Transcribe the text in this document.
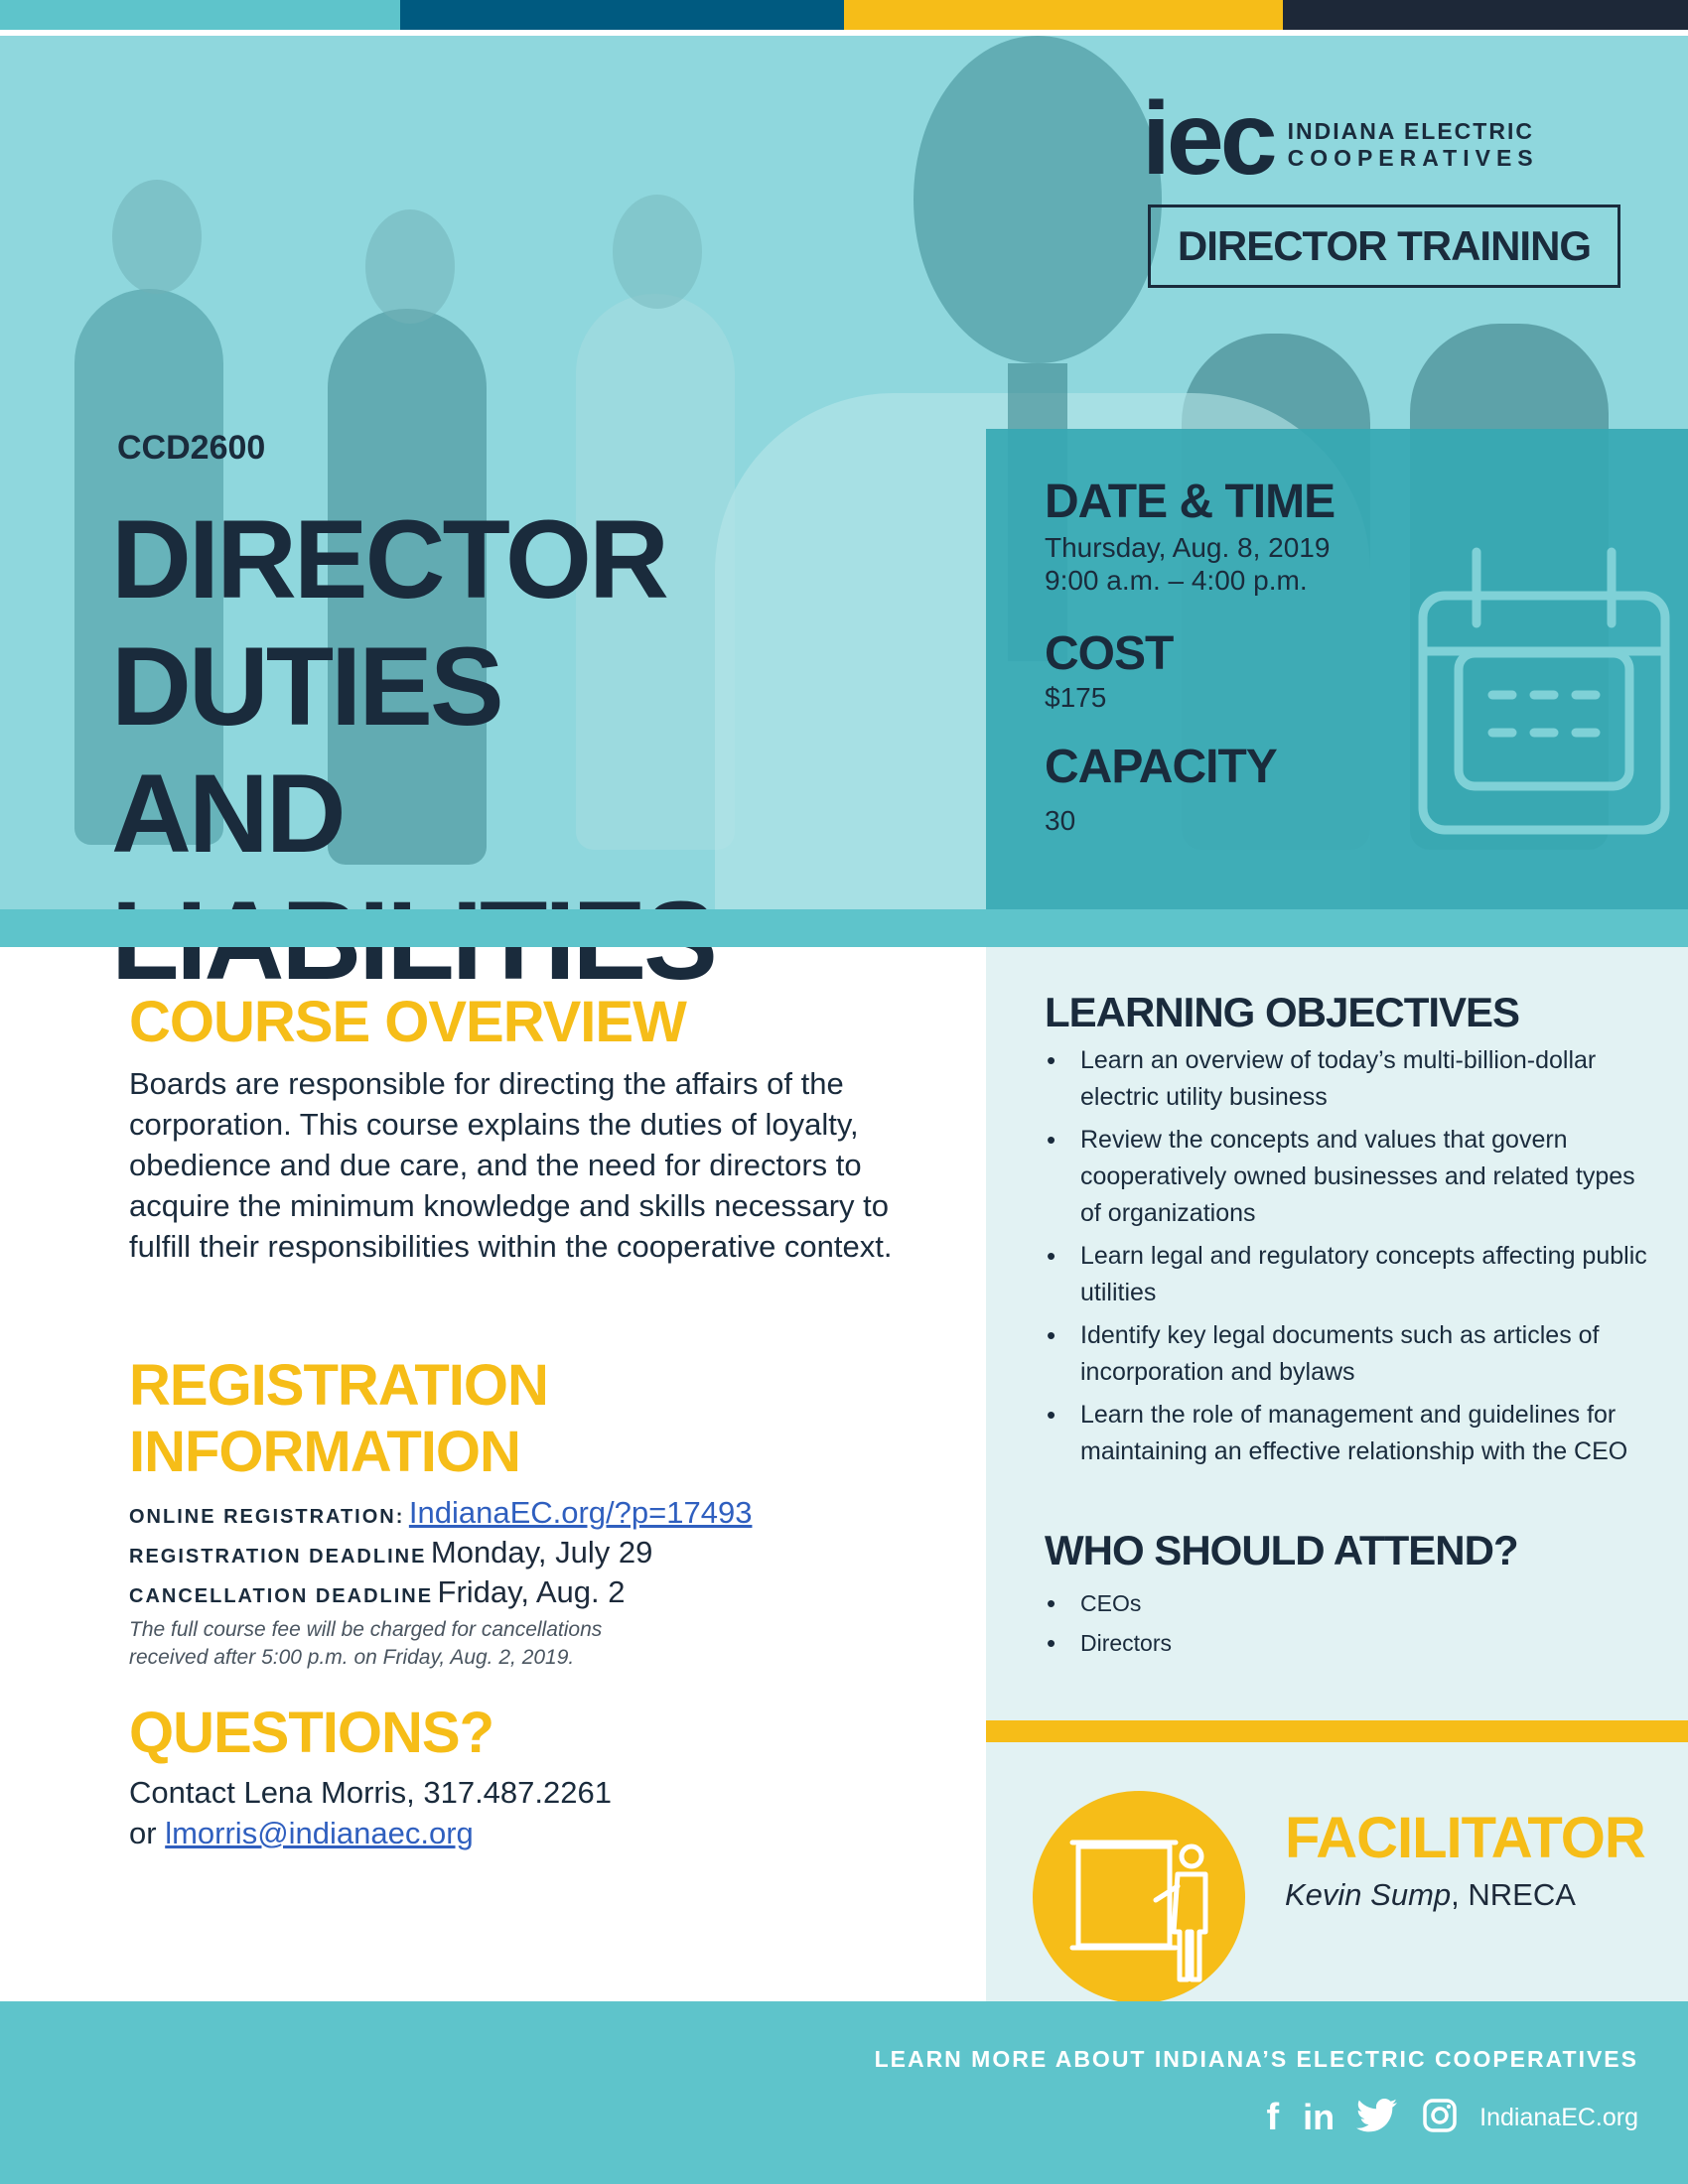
iec INDIANA ELECTRIC
COOPERATIVES
DIRECTOR TRAINING
CCD2600
DIRECTOR DUTIES
AND
DATE & TIME
Thursday, Aug. 8, 2019
9:00 a.m. – 4:00 p.m.
COST
$175
CAPACITY
30
COURSE OVERVIEW
Boards are responsible for directing the affairs of the corporation. This course explains the duties of loyalty, obedience and due care, and the need for directors to acquire the minimum knowledge and skills necessary to fulfill their responsibilities within the cooperative context.
REGISTRATION INFORMATION
ONLINE REGISTRATION: IndianaEC.org/?p=17493
REGISTRATION DEADLINE Monday, July 29
CANCELLATION DEADLINE Friday, Aug. 2
The full course fee will be charged for cancellations
received after 5:00 p.m. on Friday, Aug. 2, 2019.
QUESTIONS?
Contact Lena Morris, 317.487.2261
or lmorris@indianaec.org
LEARNING OBJECTIVES
• Learn an overview of today’s multi-billion-dollar electric utility business
• Review the concepts and values that govern cooperatively owned businesses and related types of organizations
• Learn legal and regulatory concepts affecting public utilities
• Identify key legal documents such as articles of incorporation and bylaws
• Learn the role of management and guidelines for maintaining an effective relationship with the CEO
WHO SHOULD ATTEND?
• CEOs
• Directors
FACILITATOR
Kevin Sump, NRECA
LEARN MORE ABOUT INDIANA’S ELECTRIC COOPERATIVES
f in	IndianaEC.org
